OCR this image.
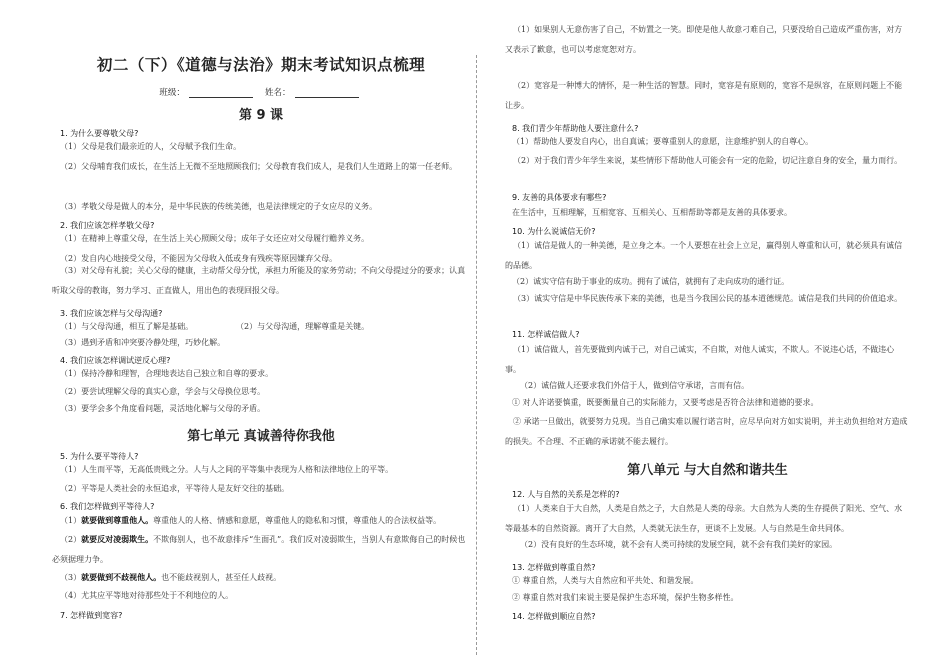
初二（下）《道德与法治》期末考试知识点梳理
班级：	姓名：
第 9 课
1. 为什么要尊敬父母?
（1）父母是我们最亲近的人，父母赋予我们生命。
（2）父母哺育我们成长，在生活上无微不至地照顾我们；父母教育我们成人，是我们人生道路上的第一任老师。
（3）孝敬父母是做人的本分，是中华民族的传统美德，也是法律规定的子女应尽的义务。
2. 我们应该怎样孝敬父母?
（1）在精神上尊重父母，在生活上关心照顾父母；成年子女还应对父母履行赡养义务。
（2）发自内心地接受父母，不能因为父母收入低或身有残疾等原因嫌弃父母。
（3）对父母有礼貌；关心父母的健康，主动帮父母分忧，承担力所能及的家务劳动；不向父母提过分的要求；认真听取父母的教诲，努力学习、正直做人，用出色的表现回报父母。
3. 我们应该怎样与父母沟通?
（1）与父母沟通，相互了解是基础。	（2）与父母沟通，理解尊重是关键。
（3）遇到矛盾和冲突要冷静处理，巧妙化解。
4. 我们应该怎样调试逆反心理?
（1）保持冷静和理智，合理地表达自己独立和自尊的要求。
（2）要尝试理解父母的真实心意，学会与父母换位思考。
（3）要学会多个角度看问题，灵活地化解与父母的矛盾。
第七单元 真诚善待你我他
5. 为什么要平等待人?
（1）人生而平等，无高低贵贱之分。人与人之间的平等集中表现为人格和法律地位上的平等。
（2）平等是人类社会的永恒追求，平等待人是友好交往的基础。
6. 我们怎样做到平等待人?
（1）就要做到尊重他人。尊重他人的人格、情感和意愿，尊重他人的隐私和习惯，尊重他人的合法权益等。
（2）就要反对凌弱欺生。不欺侮别人，也不故意排斥“生面孔”。我们反对凌弱欺生，当别人有意欺侮自己的时候也必须据理力争。
（3）就要做到不歧视他人。也不能歧视别人，甚至任人歧视。
（4）尤其应平等地对待那些处于不利地位的人。
7. 怎样做到宽容?
（1）如果别人无意伤害了自己，不妨置之一笑。即使是他人故意刁难自己，只要没给自己造成严重伤害，对方又表示了歉意，也可以考虑宽恕对方。
（2）宽容是一种博大的情怀，是一种生活的智慧。同时，宽容是有原则的，宽容不是纵容，在原则问题上不能让步。
8. 我们青少年帮助他人要注意什么?
（1）帮助他人要发自内心，出自真诚；要尊重别人的意愿，注意维护别人的自尊心。
（2）对于我们青少年学生来说，某些情形下帮助他人可能会有一定的危险，切记注意自身的安全，量力而行。
9. 友善的具体要求有哪些?
在生活中，互相理解，互相宽容、互相关心、互相帮助等都是友善的具体要求。
10. 为什么说诚信无价?
（1）诚信是做人的一种美德，是立身之本。一个人要想在社会上立足，赢得别人尊重和认可，就必须具有诚信的品德。
（2）诚实守信有助于事业的成功。拥有了诚信，就拥有了走向成功的通行证。
（3）诚实守信是中华民族传承下来的美德，也是当今我国公民的基本道德规范。诚信是我们共同的价值追求。
11. 怎样诚信做人?
（1）诚信做人，首先要做到内诚于己，对自己诚实，不自欺，对他人诚实，不欺人。不说违心话，不做违心事。
（2）诚信做人还要求我们外信于人，做到信守承诺，言而有信。
① 对人许诺要慎重，既要衡量自己的实际能力，又要考虑是否符合法律和道德的要求。
② 承诺一旦做出，就要努力兑现。当自己确实难以履行诺言时，应尽早向对方如实说明，并主动负担给对方造成的损失。不合理、不正确的承诺就不能去履行。
第八单元 与大自然和谐共生
12. 人与自然的关系是怎样的?
（1）人类来自于大自然，人类是自然之子，大自然是人类的母亲。大自然为人类的生存提供了阳光、空气、水等最基本的自然资源。离开了大自然，人类就无法生存，更谈不上发展。人与自然是生命共同体。
（2）没有良好的生态环境，就不会有人类可持续的发展空间，就不会有我们美好的家园。
13. 怎样做到尊重自然?
① 尊重自然，人类与大自然应和平共处、和谐发展。
② 尊重自然对我们来说主要是保护生态环境，保护生物多样性。
14. 怎样做到顺应自然?
